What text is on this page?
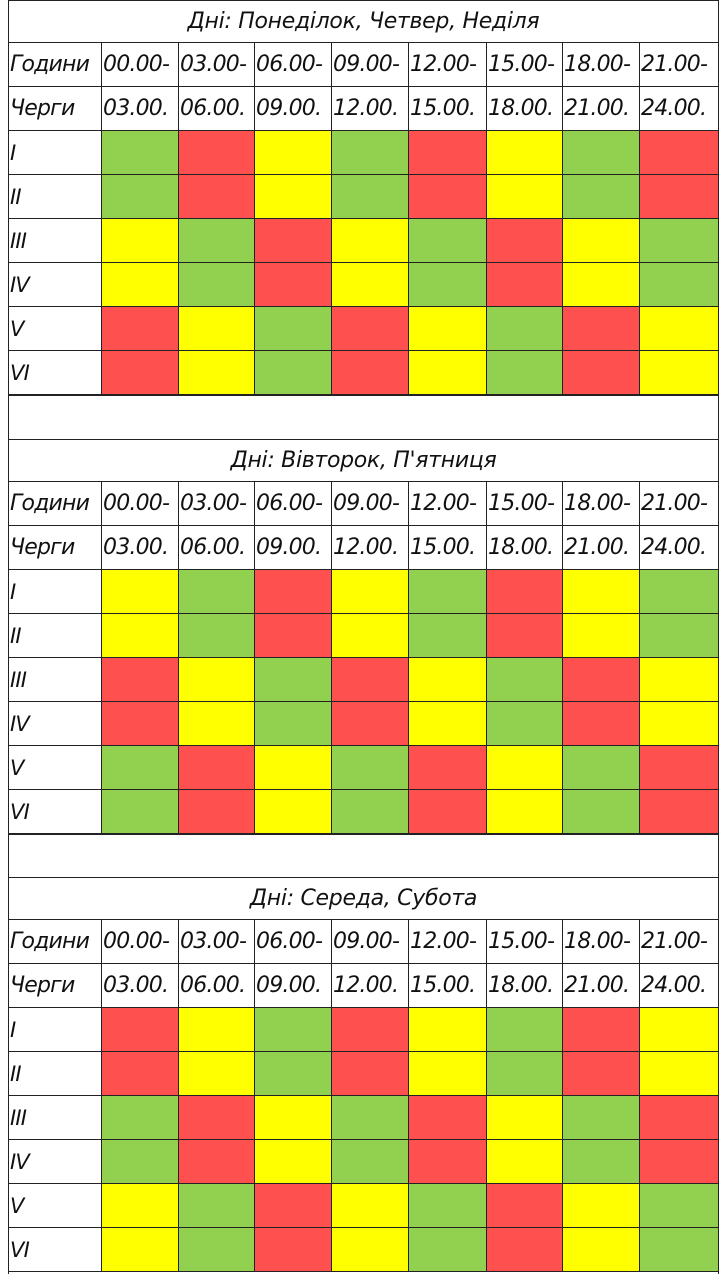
Дні: Понеділок, Четвер, Неділя
Години 00.00- 03.00- 06.00- 09.00- 12.00- 15.00- 18.00- 21.00-
Черги	03.00. 06.00. 09.00. 12.00. 15.00. 18.00. 21.00. 24.00.
I
II
III
IV
V
VI
Дні: Вівторок, П'ятниця
Години 00.00- 03.00- 06.00- 09.00- 12.00- 15.00- 18.00- 21.00-
Черги	03.00. 06.00. 09.00. 12.00. 15.00. 18.00. 21.00. 24.00.
I
II
III
IV
V
VI
Дні: Середа, Субота
Години 00.00- 03.00- 06.00- 09.00- 12.00- 15.00- 18.00- 21.00-
Черги	03.00. 06.00. 09.00. 12.00. 15.00. 18.00. 21.00. 24.00.
I
II
III
IV
V
VI
